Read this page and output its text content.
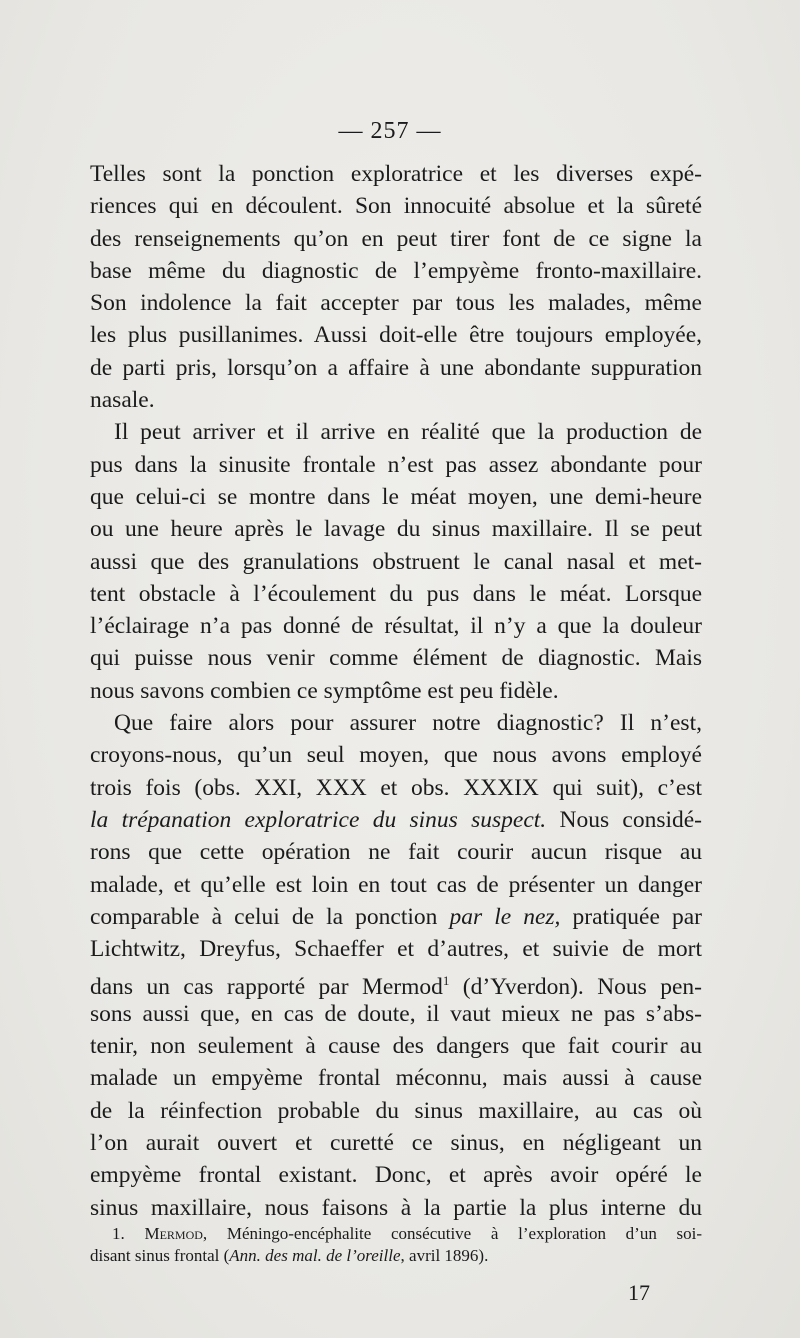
— 257 —
Telles sont la ponction exploratrice et les diverses expé-
riences qui en découlent. Son innocuité absolue et la sûreté
des renseignements qu’on en peut tirer font de ce signe la
base même du diagnostic de l’empyème fronto-maxillaire.
Son indolence la fait accepter par tous les malades, même
les plus pusillanimes. Aussi doit-elle être toujours employée,
de parti pris, lorsqu’on a affaire à une abondante suppuration
nasale.
Il peut arriver et il arrive en réalité que la production de
pus dans la sinusite frontale n’est pas assez abondante pour
que celui-ci se montre dans le méat moyen, une demi-heure
ou une heure après le lavage du sinus maxillaire. Il se peut
aussi que des granulations obstruent le canal nasal et met-
tent obstacle à l’écoulement du pus dans le méat. Lorsque
l’éclairage n’a pas donné de résultat, il n’y a que la douleur
qui puisse nous venir comme élément de diagnostic. Mais
nous savons combien ce symptôme est peu fidèle.
Que faire alors pour assurer notre diagnostic? Il n’est,
croyons-nous, qu’un seul moyen, que nous avons employé
trois fois (obs. XXI, XXX et obs. XXXIX qui suit), c’est
la trépanation exploratrice du sinus suspect. Nous considé-
rons que cette opération ne fait courir aucun risque au
malade, et qu’elle est loin en tout cas de présenter un danger
comparable à celui de la ponction par le nez, pratiquée par
Lichtwitz, Dreyfus, Schaeffer et d’autres, et suivie de mort
dans un cas rapporté par Mermod$^1$ (d’Yverdon). Nous pen-
sons aussi que, en cas de doute, il vaut mieux ne pas s’abs-
tenir, non seulement à cause des dangers que fait courir au
malade un empyème frontal méconnu, mais aussi à cause
de la réinfection probable du sinus maxillaire, au cas où
l’on aurait ouvert et curetté ce sinus, en négligeant un
empyème frontal existant. Donc, et après avoir opéré le
sinus maxillaire, nous faisons à la partie la plus interne du
1. Mermod, Méningo-encéphalite consécutive à l’exploration d’un soi-
disant sinus frontal (Ann. des mal. de l’oreille, avril 1896).
17
